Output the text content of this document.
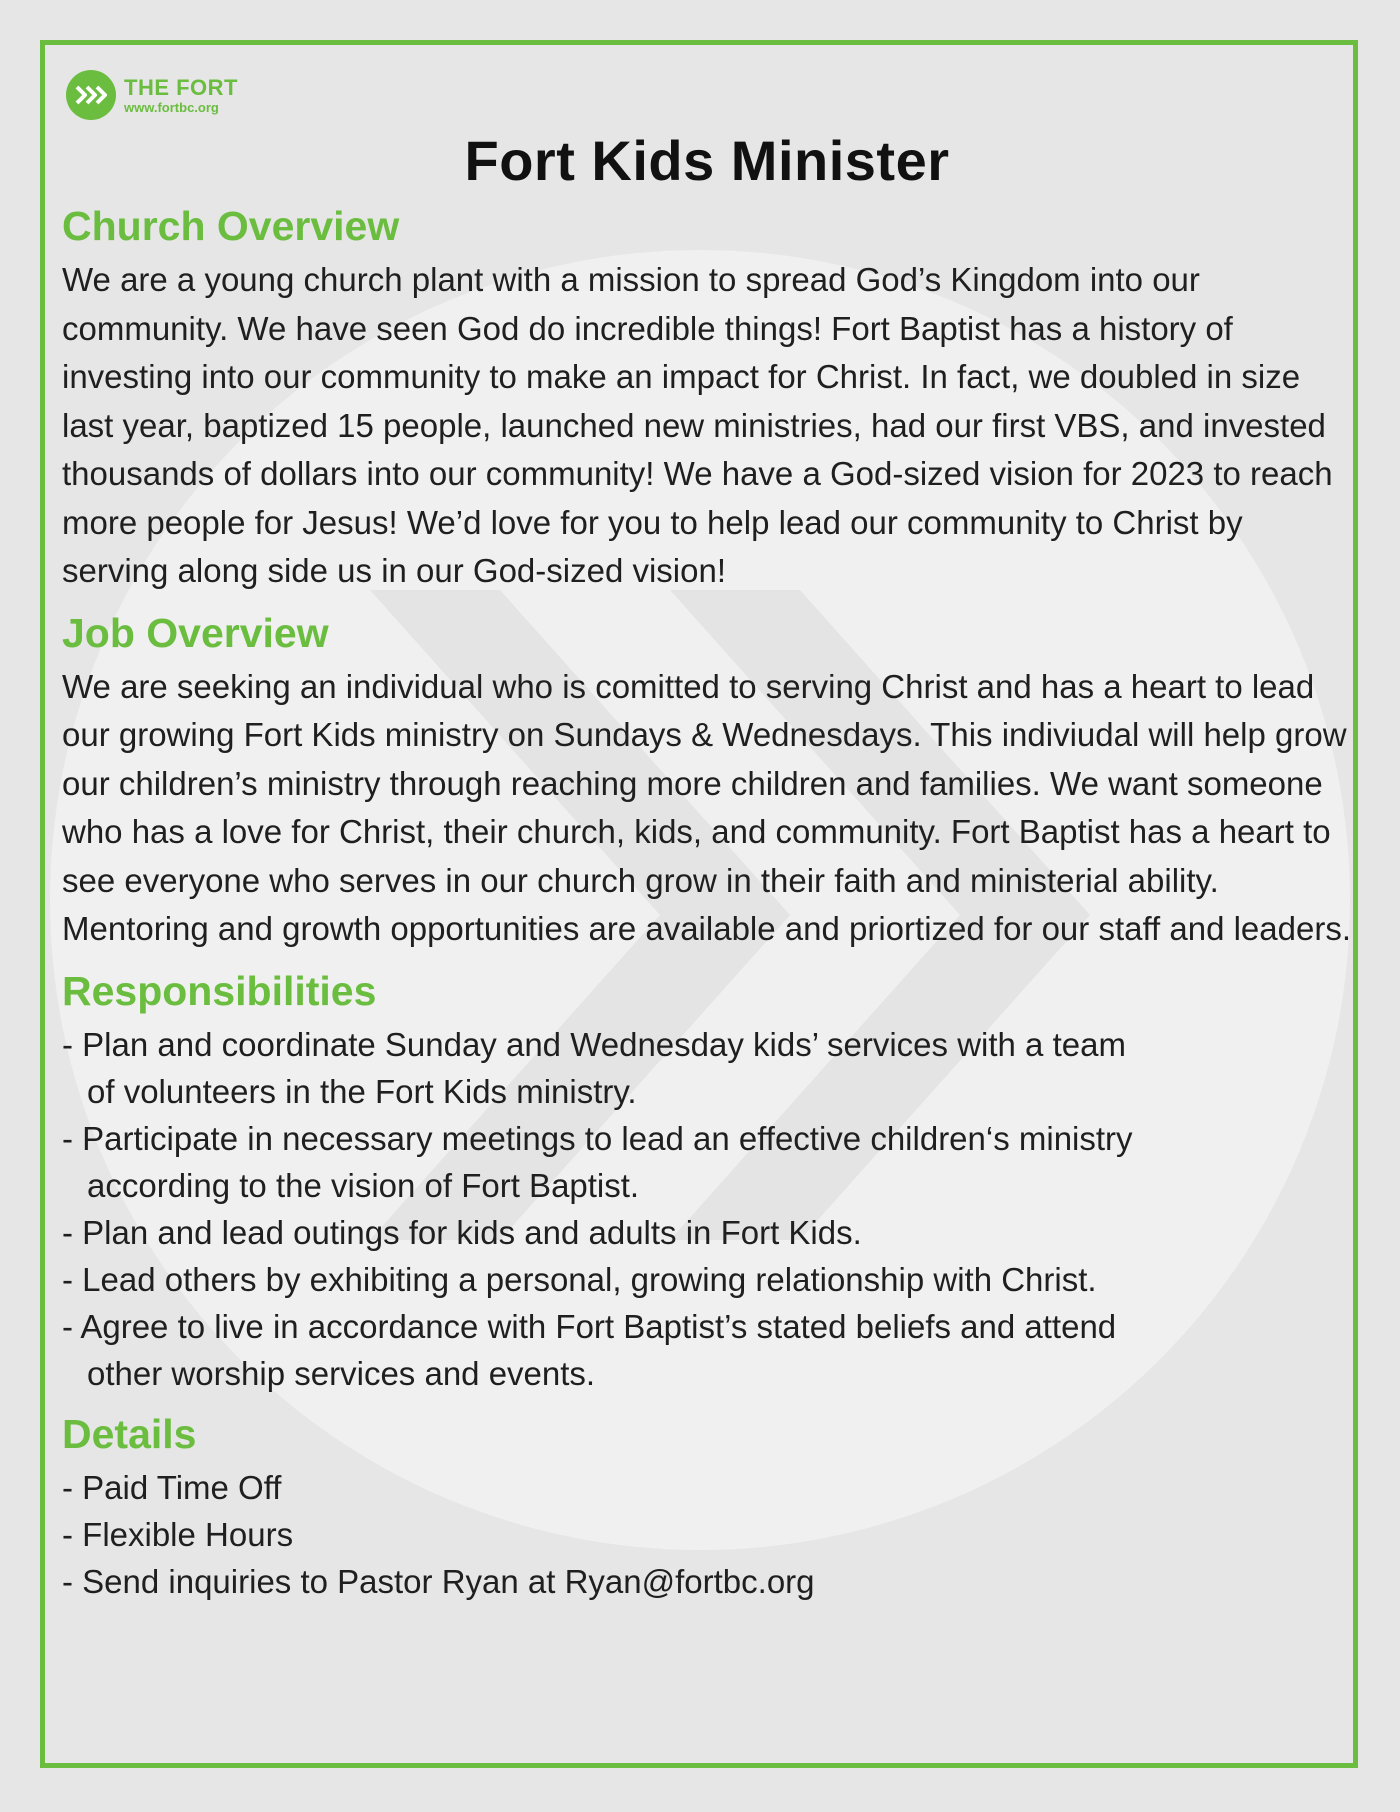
THE FORT
www.fortbc.org
Fort Kids Minister
Church Overview

We are a young church plant with a mission to spread God’s Kingdom into our community. We have seen God do incredible things! Fort Baptist has a history of investing into our community to make an impact for Christ. In fact, we doubled in size last year, baptized 15 people, launched new ministries, had our first VBS, and invested thousands of dollars into our community! We have a God-sized vision for 2023 to reach more people for Jesus! We’d love for you to help lead our community to Christ by serving along side us in our God-sized vision!

Job Overview

We are seeking an individual who is comitted to serving Christ and has a heart to lead our growing Fort Kids ministry on Sundays & Wednesdays. This indiviudal will help grow our children’s ministry through reaching more children and families. We want someone who has a love for Christ, their church, kids, and community. Fort Baptist has a heart to see everyone who serves in our church grow in their faith and ministerial ability. Mentoring and growth opportunities are available and priortized for our staff and leaders.

Responsibilities
- Plan and coordinate Sunday and Wednesday kids’ services with a team
of volunteers in the Fort Kids ministry.
- Participate in necessary meetings to lead an effective children‘s ministry
according to the vision of Fort Baptist.
- Plan and lead outings for kids and adults in Fort Kids.
- Lead others by exhibiting a personal, growing relationship with Christ.
- Agree to live in accordance with Fort Baptist’s stated beliefs and attend
other worship services and events.
Details
- Paid Time Off
- Flexible Hours
- Send inquiries to Pastor Ryan at Ryan@fortbc.org
